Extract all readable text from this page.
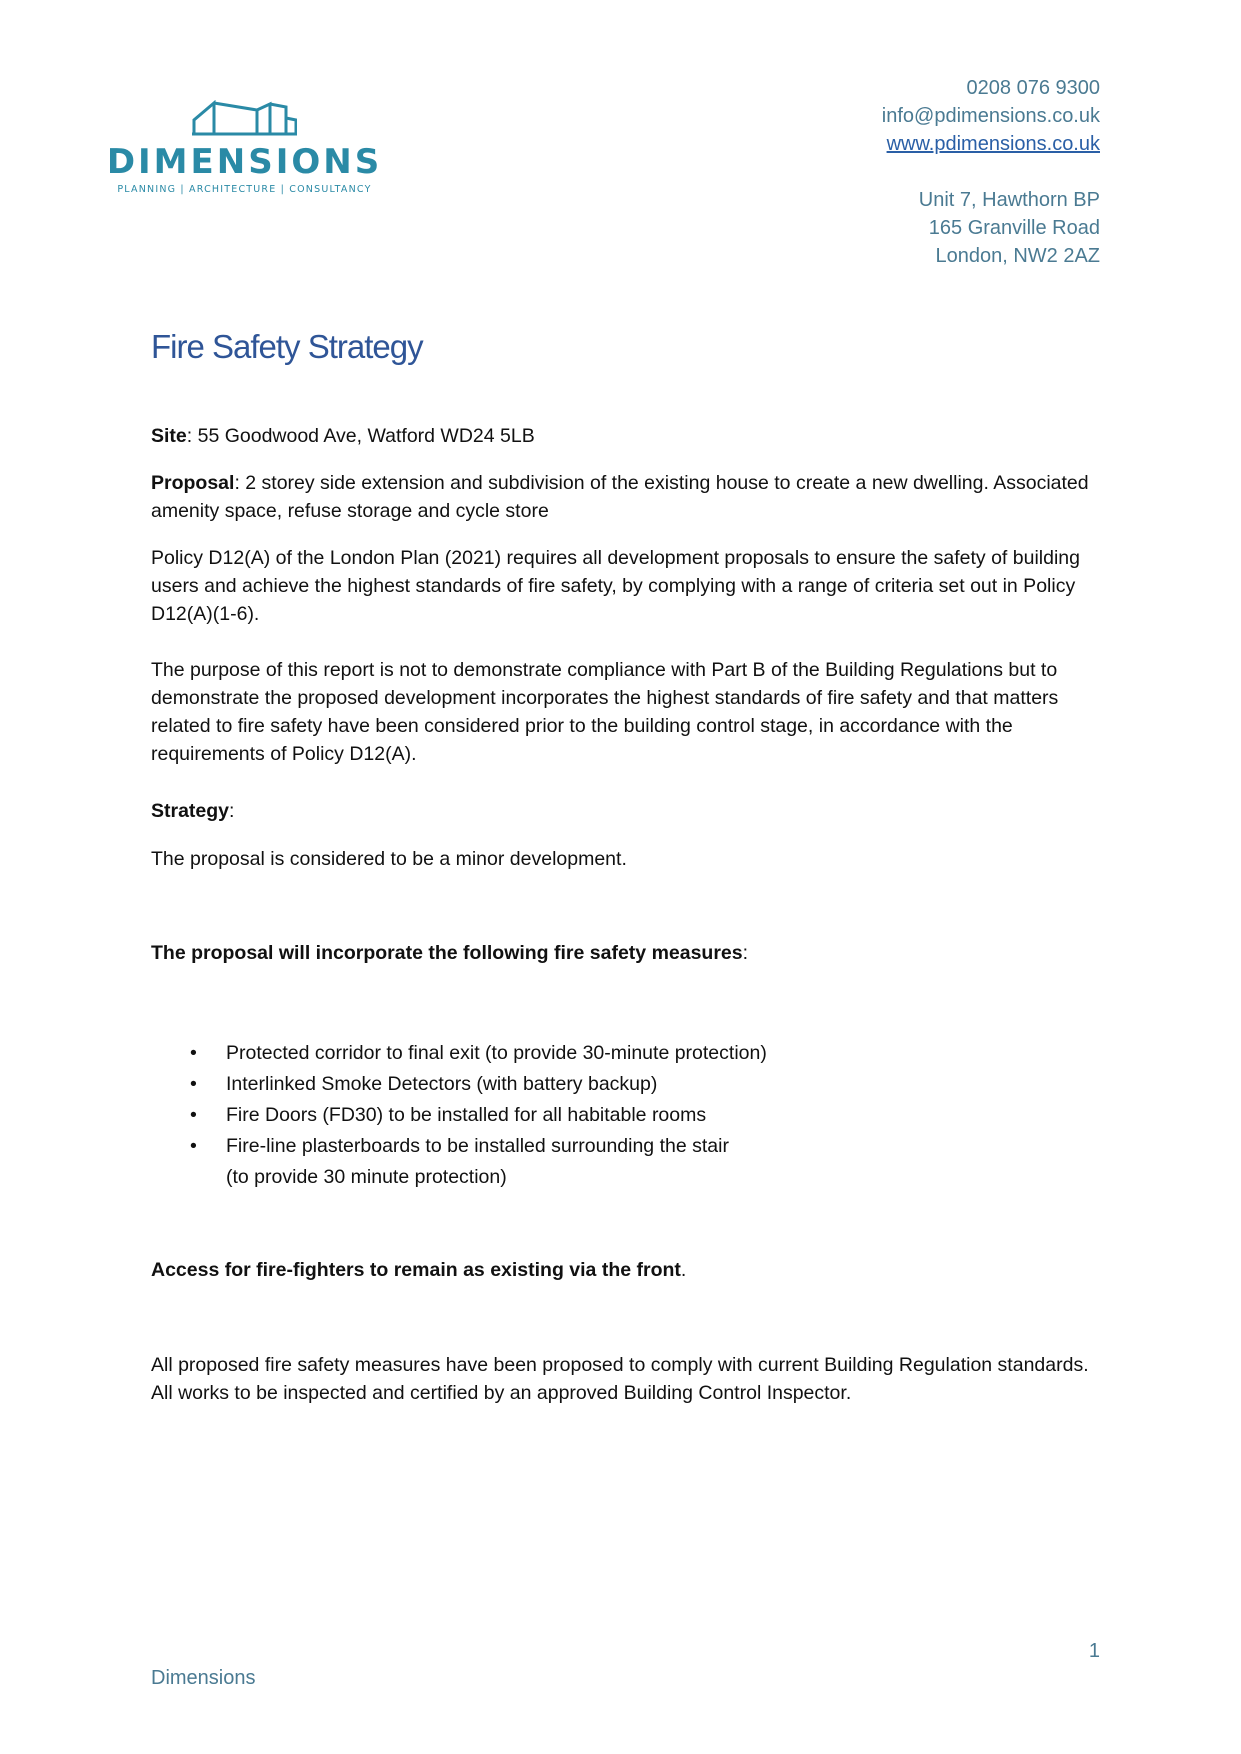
DIMENSIONS
PLANNING | ARCHITECTURE | CONSULTANCY
0208 076 9300
info@pdimensions.co.uk
www.pdimensions.co.uk
Unit 7, Hawthorn BP
165 Granville Road
London, NW2 2AZ
Fire Safety Strategy
Site: 55 Goodwood Ave, Watford WD24 5LB
Proposal: 2 storey side extension and subdivision of the existing house to create a new dwelling. Associated amenity space, refuse storage and cycle store
Policy D12(A) of the London Plan (2021) requires all development proposals to ensure the safety of building users and achieve the highest standards of fire safety, by complying with a range of criteria set out in Policy D12(A)(1-6).
The purpose of this report is not to demonstrate compliance with Part B of the Building Regulations but to demonstrate the proposed development incorporates the highest standards of fire safety and that matters related to fire safety have been considered prior to the building control stage, in accordance with the requirements of Policy D12(A).
Strategy:
The proposal is considered to be a minor development.
The proposal will incorporate the following fire safety measures:
• Protected corridor to final exit (to provide 30-minute protection)
• Interlinked Smoke Detectors (with battery backup)
• Fire Doors (FD30) to be installed for all habitable rooms
• Fire-line plasterboards to be installed surrounding the stair
(to provide 30 minute protection)
Access for fire-fighters to remain as existing via the front.
All proposed fire safety measures have been proposed to comply with current Building Regulation standards. All works to be inspected and certified by an approved Building Control Inspector.
1
Dimensions
